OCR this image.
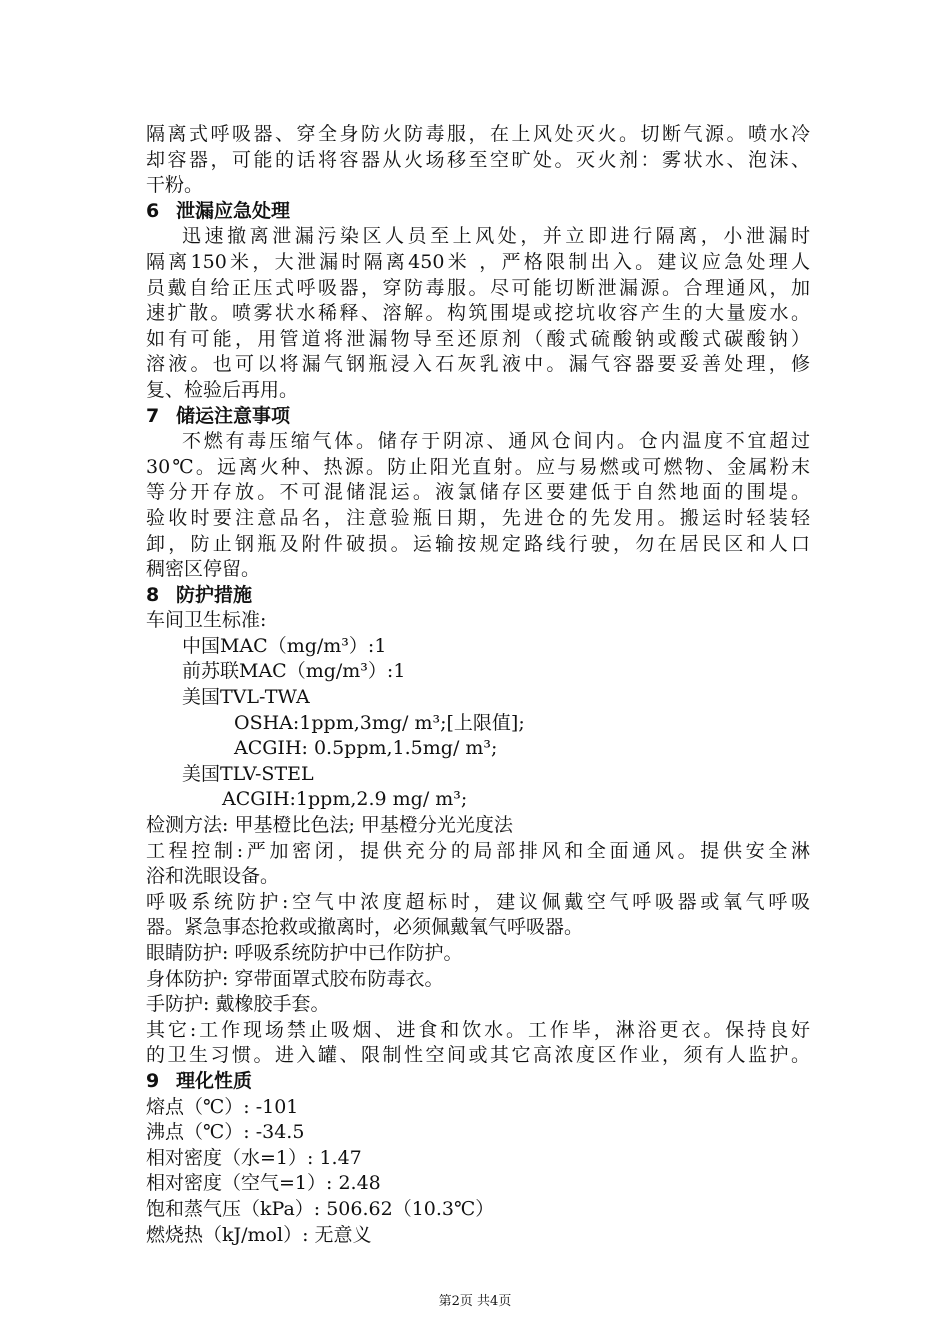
隔离式呼吸器、穿全身防火防毒服，在上风处灭火。切断气源。喷水冷
却容器，可能的话将容器从火场移至空旷处。灭火剂：雾状水、泡沫、
干粉。
6 泄漏应急处理
迅速撤离泄漏污染区人员至上风处，并立即进行隔离，小泄漏时
隔离150米，大泄漏时隔离450米 ，严格限制出入。建议应急处理人
员戴自给正压式呼吸器，穿防毒服。尽可能切断泄漏源。合理通风，加
速扩散。喷雾状水稀释、溶解。构筑围堤或挖坑收容产生的大量废水。
如有可能，用管道将泄漏物导至还原剂（酸式硫酸钠或酸式碳酸钠）
溶液。也可以将漏气钢瓶浸入石灰乳液中。漏气容器要妥善处理，修
复、检验后再用。
7 储运注意事项
不燃有毒压缩气体。储存于阴凉、通风仓间内。仓内温度不宜超过
30℃。远离火种、热源。防止阳光直射。应与易燃或可燃物、金属粉末
等分开存放。不可混储混运。液氯储存区要建低于自然地面的围堤。
验收时要注意品名，注意验瓶日期，先进仓的先发用。搬运时轻装轻
卸，防止钢瓶及附件破损。运输按规定路线行驶，勿在居民区和人口
稠密区停留。
8 防护措施
车间卫生标准:
中国MAC（mg/m³）:1
前苏联MAC（mg/m³）:1
美国TVL-TWA
OSHA:1ppm,3mg/ m³;[上限值];
ACGIH: 0.5ppm,1.5mg/ m³;
美国TLV-STEL
ACGIH:1ppm,2.9 mg/ m³;
检测方法: 甲基橙比色法; 甲基橙分光光度法
工程控制:严加密闭，提供充分的局部排风和全面通风。提供安全淋
浴和洗眼设备。
呼吸系统防护:空气中浓度超标时，建议佩戴空气呼吸器或氧气呼吸
器。紧急事态抢救或撤离时，必须佩戴氧气呼吸器。
眼睛防护: 呼吸系统防护中已作防护。
身体防护: 穿带面罩式胶布防毒衣。
手防护: 戴橡胶手套。
其它:工作现场禁止吸烟、进食和饮水。工作毕，淋浴更衣。保持良好
的卫生习惯。进入罐、限制性空间或其它高浓度区作业，须有人监护。
9 理化性质
熔点（℃）: -101
沸点（℃）: -34.5
相对密度（水=1）: 1.47
相对密度（空气=1）: 2.48
饱和蒸气压（kPa）: 506.62（10.3℃）
燃烧热（kJ/mol）: 无意义
第2页 共4页
